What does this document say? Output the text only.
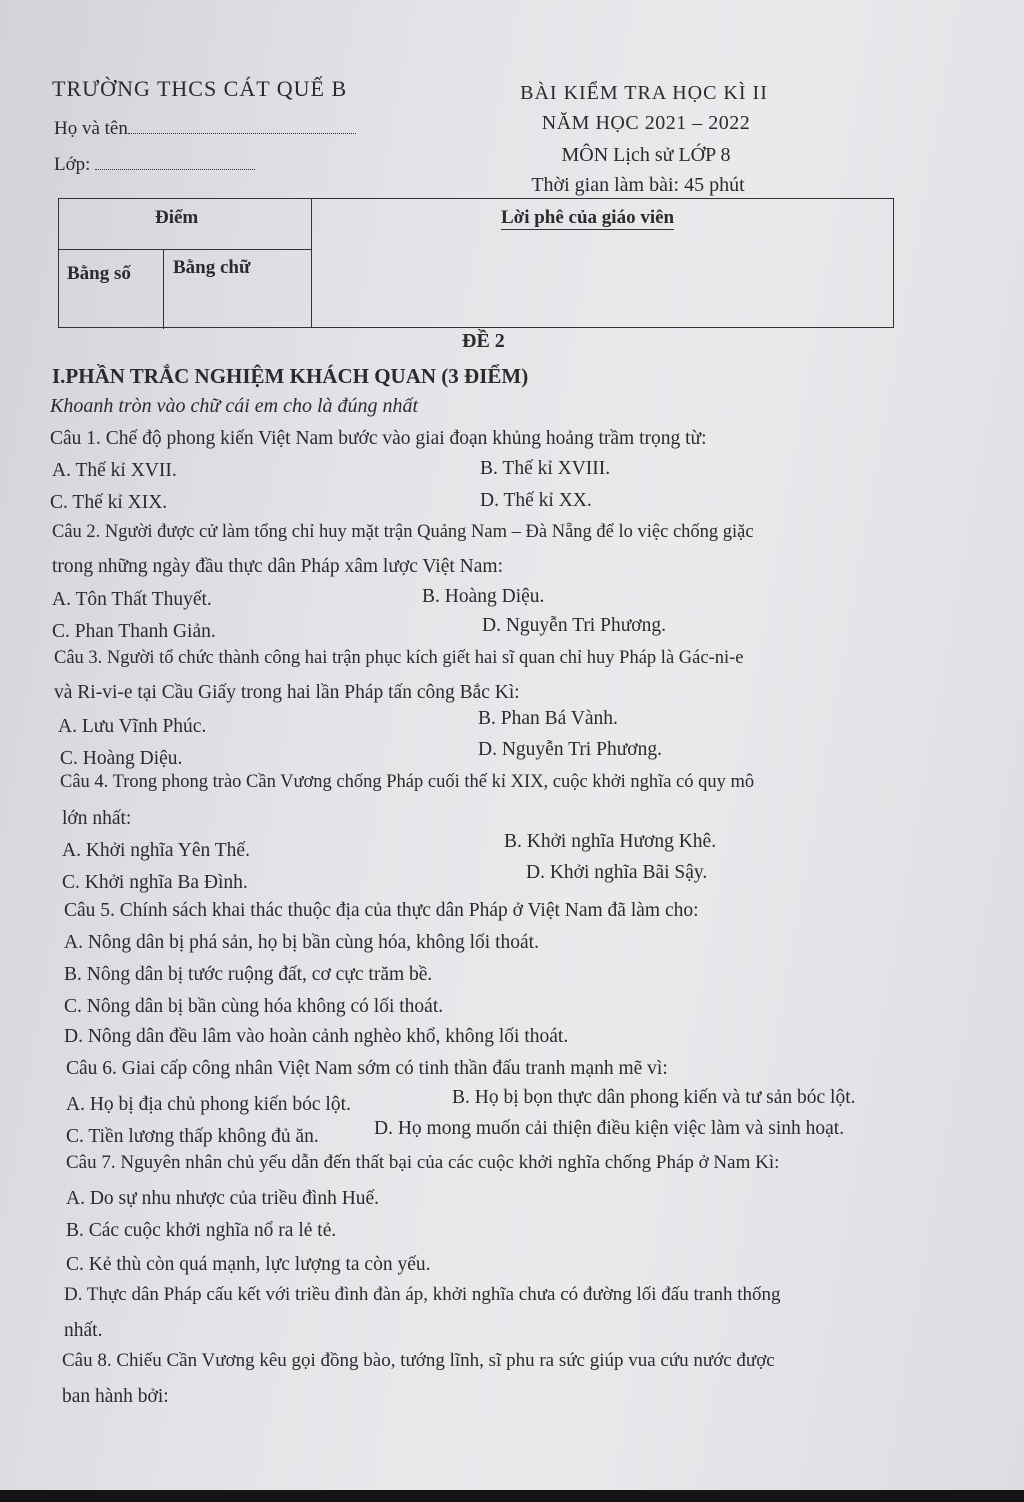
TRƯỜNG THCS CÁT QUẾ B
Họ và tên
Lớp:
BÀI KIỂM TRA HỌC KÌ II
NĂM HỌC 2021 – 2022
MÔN Lịch sử LỚP 8
Thời gian làm bài: 45 phút
Điểm
Bằng số Bằng chữ
Lời phê của giáo viên
ĐỀ 2
I.PHẦN TRẮC NGHIỆM KHÁCH QUAN (3 ĐIỂM)
Khoanh tròn vào chữ cái em cho là đúng nhất
Câu 1. Chế độ phong kiến Việt Nam bước vào giai đoạn khủng hoảng trầm trọng từ:
A. Thế kỉ XVII.	B. Thế kỉ XVIII.
C. Thế kỉ XIX.	D. Thế kỉ XX.
Câu 2. Người được cử làm tổng chỉ huy mặt trận Quảng Nam – Đà Nẵng để lo việc chống giặc
trong những ngày đầu thực dân Pháp xâm lược Việt Nam:
A. Tôn Thất Thuyết.	B. Hoàng Diệu.
C. Phan Thanh Giản.	D. Nguyễn Tri Phương.
Câu 3. Người tổ chức thành công hai trận phục kích giết hai sĩ quan chỉ huy Pháp là Gác-ni-e
và Ri-vi-e tại Cầu Giấy trong hai lần Pháp tấn công Bắc Kì:
A. Lưu Vĩnh Phúc.	B. Phan Bá Vành.
C. Hoàng Diệu.	D. Nguyễn Tri Phương.
Câu 4. Trong phong trào Cần Vương chống Pháp cuối thế kỉ XIX, cuộc khởi nghĩa có quy mô
lớn nhất:
A. Khởi nghĩa Yên Thế.	B. Khởi nghĩa Hương Khê.
C. Khởi nghĩa Ba Đình.	D. Khởi nghĩa Bãi Sậy.
Câu 5. Chính sách khai thác thuộc địa của thực dân Pháp ở Việt Nam đã làm cho:
A. Nông dân bị phá sản, họ bị bần cùng hóa, không lối thoát.
B. Nông dân bị tước ruộng đất, cơ cực trăm bề.
C. Nông dân bị bần cùng hóa không có lối thoát.
D. Nông dân đều lâm vào hoàn cảnh nghèo khổ, không lối thoát.
Câu 6. Giai cấp công nhân Việt Nam sớm có tinh thần đấu tranh mạnh mẽ vì:
A. Họ bị địa chủ phong kiến bóc lột.	B. Họ bị bọn thực dân phong kiến và tư sản bóc lột.
C. Tiền lương thấp không đủ ăn.	D. Họ mong muốn cải thiện điều kiện việc làm và sinh hoạt.
Câu 7. Nguyên nhân chủ yếu dẫn đến thất bại của các cuộc khởi nghĩa chống Pháp ở Nam Kì:
A. Do sự nhu nhược của triều đình Huế.
B. Các cuộc khởi nghĩa nổ ra lẻ tẻ.
C. Kẻ thù còn quá mạnh, lực lượng ta còn yếu.
D. Thực dân Pháp cấu kết với triều đình đàn áp, khởi nghĩa chưa có đường lối đấu tranh thống
nhất.
Câu 8. Chiếu Cần Vương kêu gọi đồng bào, tướng lĩnh, sĩ phu ra sức giúp vua cứu nước được
ban hành bởi:
